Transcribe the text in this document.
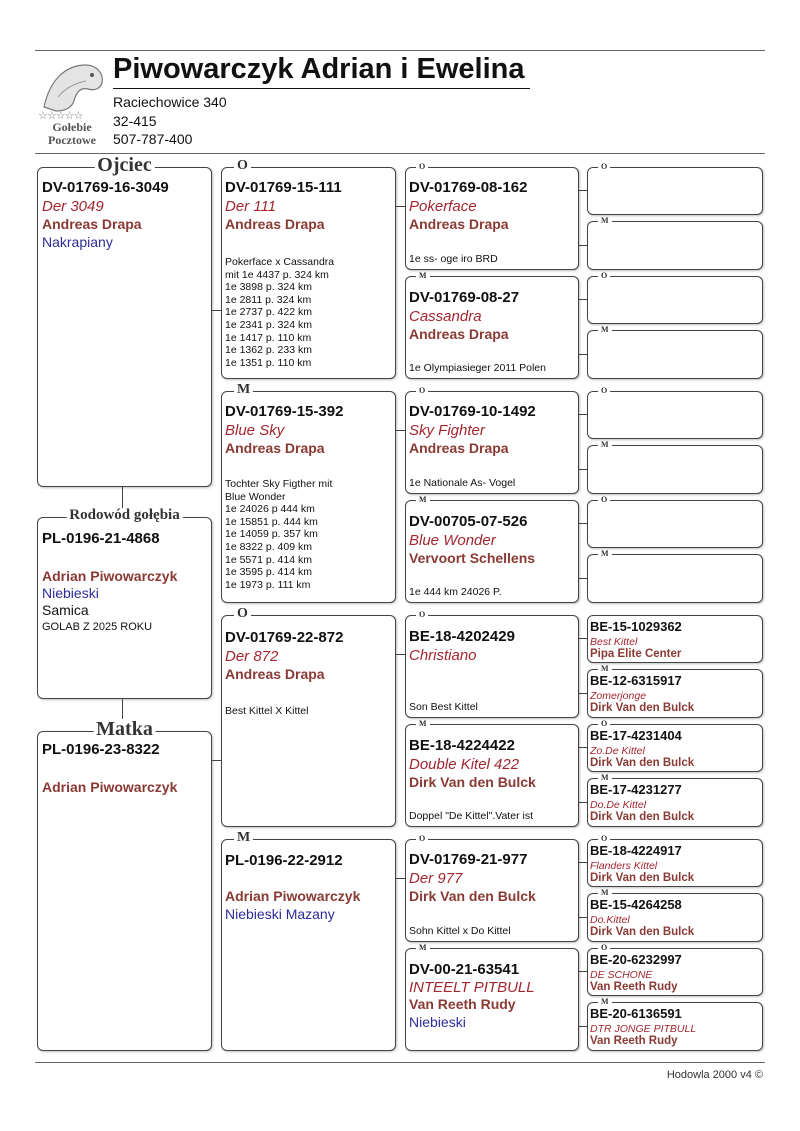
☆☆☆☆☆
Gołebie
Pocztowe
Piwowarczyk Adrian i Ewelina
Raciechowice 340
32-415
507-787-400
Ojciec
DV-01769-16-3049
Der 3049
Andreas Drapa
Nakrapiany
Rodowód gołębia
PL-0196-21-4868
Adrian Piwowarczyk
Niebieski
Samica
GOLAB Z 2025 ROKU
Matka
PL-0196-23-8322
Adrian Piwowarczyk
O
DV-01769-15-111
Der 111
Andreas Drapa
Pokerface x Cassandra
mit 1e 4437 p. 324 km
1e 3898 p. 324 km
1e 2811 p. 324 km
1e 2737 p. 422 km
1e 2341 p. 324 km
1e 1417 p. 110 km
1e 1362 p. 233 km
1e 1351 p. 110 km
M
DV-01769-15-392
Blue Sky
Andreas Drapa
Tochter Sky Figther mit
Blue Wonder
1e 24026 p 444 km
1e 15851 p. 444 km
1e 14059 p. 357 km
1e 8322 p. 409 km
1e 5571 p. 414 km
1e 3595 p. 414 km
1e 1973 p. 111 km
O
DV-01769-22-872
Der 872
Andreas Drapa
Best Kittel X Kittel
M
PL-0196-22-2912
Adrian Piwowarczyk
Niebieski Mazany
O
DV-01769-08-162
Pokerface
Andreas Drapa
1e ss- oge iro BRD
M
DV-01769-08-27
Cassandra
Andreas Drapa
1e Olympiasieger 2011 Polen
O
DV-01769-10-1492
Sky Fighter
Andreas Drapa
1e Nationale As- Vogel
M
DV-00705-07-526
Blue Wonder
Vervoort Schellens
1e 444 km 24026 P.
O
BE-18-4202429
Christiano
Son Best Kittel
M
BE-18-4224422
Double Kitel 422
Dirk Van den Bulck
Doppel "De Kittel".Vater ist
O
DV-01769-21-977
Der 977
Dirk Van den Bulck
Sohn Kittel x Do Kittel
M
DV-00-21-63541
INTEELT PITBULL
Van Reeth Rudy
Niebieski
O
M
O
M
O
M
O
M
BE-15-1029362
Best Kittel
Pipa Elite Center
M
BE-12-6315917
Zomerjonge
Dirk Van den Bulck
O
BE-17-4231404
Zo.De Kittel
Dirk Van den Bulck
M
BE-17-4231277
Do.De Kittel
Dirk Van den Bulck
O
BE-18-4224917
Flanders Kittel
Dirk Van den Bulck
M
BE-15-4264258
Do.Kittel
Dirk Van den Bulck
O
BE-20-6232997
DE SCHONE
Van Reeth Rudy
M
BE-20-6136591
DTR JONGE PITBULL
Van Reeth Rudy
Hodowla 2000 v4 ©
